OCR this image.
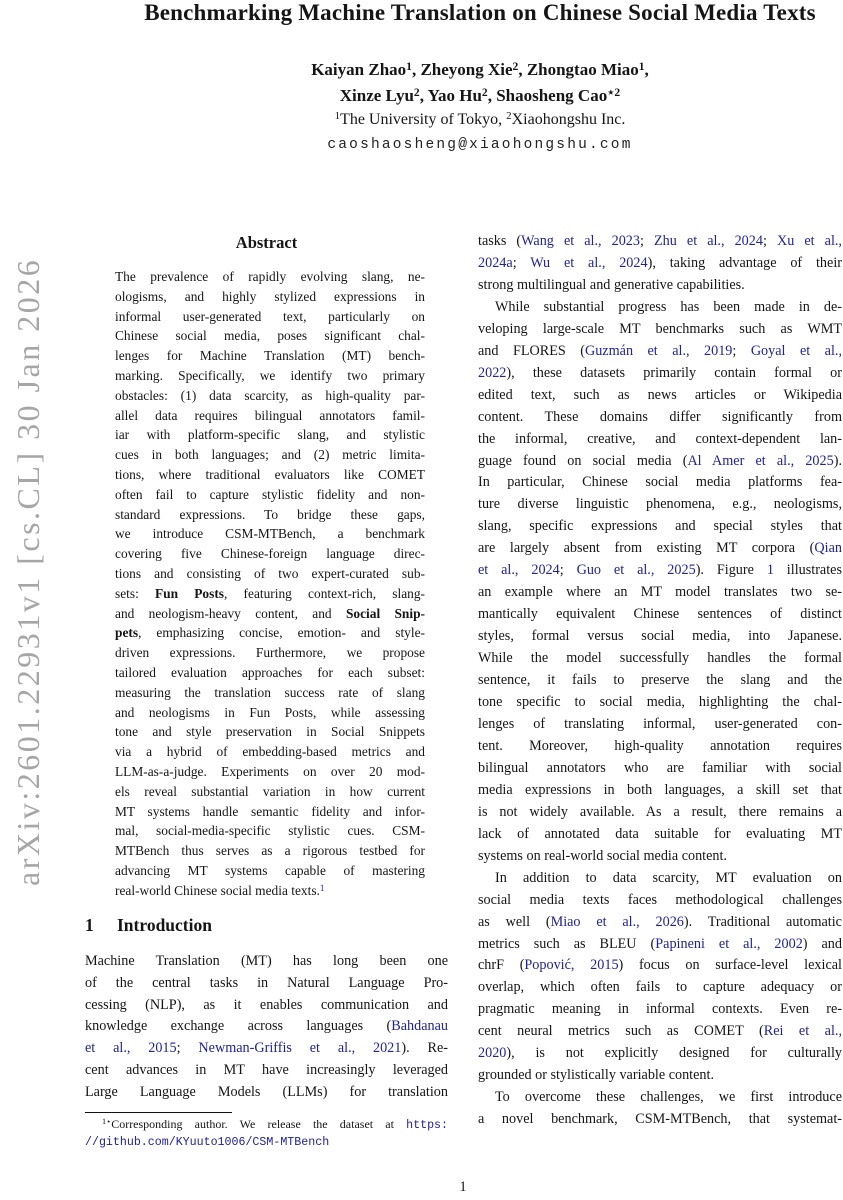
arXiv:2601.22931v1 [cs.CL] 30 Jan 2026
Benchmarking Machine Translation on Chinese Social Media Texts
Kaiyan Zhao$^1$, Zheyong Xie$^2$, Zhongtao Miao$^1$,
Xinze Lyu$^2$, Yao Hu$^2$, Shaosheng Cao$^{⋆2}$
$^1$The University of Tokyo, $^2$Xiaohongshu Inc.
caoshaosheng@xiaohongshu.com
Abstract
The prevalence of rapidly evolving slang, ne-
ologisms, and highly stylized expressions in
informal user-generated text, particularly on
Chinese social media, poses significant chal-
lenges for Machine Translation (MT) bench-
marking. Specifically, we identify two primary
obstacles: (1) data scarcity, as high-quality par-
allel data requires bilingual annotators famil-
iar with platform-specific slang, and stylistic
cues in both languages; and (2) metric limita-
tions, where traditional evaluators like COMET
often fail to capture stylistic fidelity and non-
standard expressions. To bridge these gaps,
we introduce CSM-MTBench, a benchmark
covering five Chinese-foreign language direc-
tions and consisting of two expert-curated sub-
sets: Fun Posts, featuring context-rich, slang-
and neologism-heavy content, and Social Snip-
pets, emphasizing concise, emotion- and style-
driven expressions. Furthermore, we propose
tailored evaluation approaches for each subset:
measuring the translation success rate of slang
and neologisms in Fun Posts, while assessing
tone and style preservation in Social Snippets
via a hybrid of embedding-based metrics and
LLM-as-a-judge. Experiments on over 20 mod-
els reveal substantial variation in how current
MT systems handle semantic fidelity and infor-
mal, social-media-specific stylistic cues. CSM-
MTBench thus serves as a rigorous testbed for
advancing MT systems capable of mastering
real-world Chinese social media texts.$^1$
1 Introduction
Machine Translation (MT) has long been one
of the central tasks in Natural Language Pro-
cessing (NLP), as it enables communication and
knowledge exchange across languages (Bahdanau
et al., 2015; Newman-Griffis et al., 2021). Re-
cent advances in MT have increasingly leveraged
Large Language Models (LLMs) for translation
$^{1⋆}$Corresponding author. We release the dataset at https:
//github.com/KYuuto1006/CSM-MTBench
tasks (Wang et al., 2023; Zhu et al., 2024; Xu et al.,
2024a; Wu et al., 2024), taking advantage of their
strong multilingual and generative capabilities.
While substantial progress has been made in de-
veloping large-scale MT benchmarks such as WMT
and FLORES (Guzmán et al., 2019; Goyal et al.,
2022), these datasets primarily contain formal or
edited text, such as news articles or Wikipedia
content. These domains differ significantly from
the informal, creative, and context-dependent lan-
guage found on social media (Al Amer et al., 2025).
In particular, Chinese social media platforms fea-
ture diverse linguistic phenomena, e.g., neologisms,
slang, specific expressions and special styles that
are largely absent from existing MT corpora (Qian
et al., 2024; Guo et al., 2025). Figure 1 illustrates
an example where an MT model translates two se-
mantically equivalent Chinese sentences of distinct
styles, formal versus social media, into Japanese.
While the model successfully handles the formal
sentence, it fails to preserve the slang and the
tone specific to social media, highlighting the chal-
lenges of translating informal, user-generated con-
tent. Moreover, high-quality annotation requires
bilingual annotators who are familiar with social
media expressions in both languages, a skill set that
is not widely available. As a result, there remains a
lack of annotated data suitable for evaluating MT
systems on real-world social media content.
In addition to data scarcity, MT evaluation on
social media texts faces methodological challenges
as well (Miao et al., 2026). Traditional automatic
metrics such as BLEU (Papineni et al., 2002) and
chrF (Popović, 2015) focus on surface-level lexical
overlap, which often fails to capture adequacy or
pragmatic meaning in informal contexts. Even re-
cent neural metrics such as COMET (Rei et al.,
2020), is not explicitly designed for culturally
grounded or stylistically variable content.
To overcome these challenges, we first introduce
a novel benchmark, CSM-MTBench, that systemat-
1
